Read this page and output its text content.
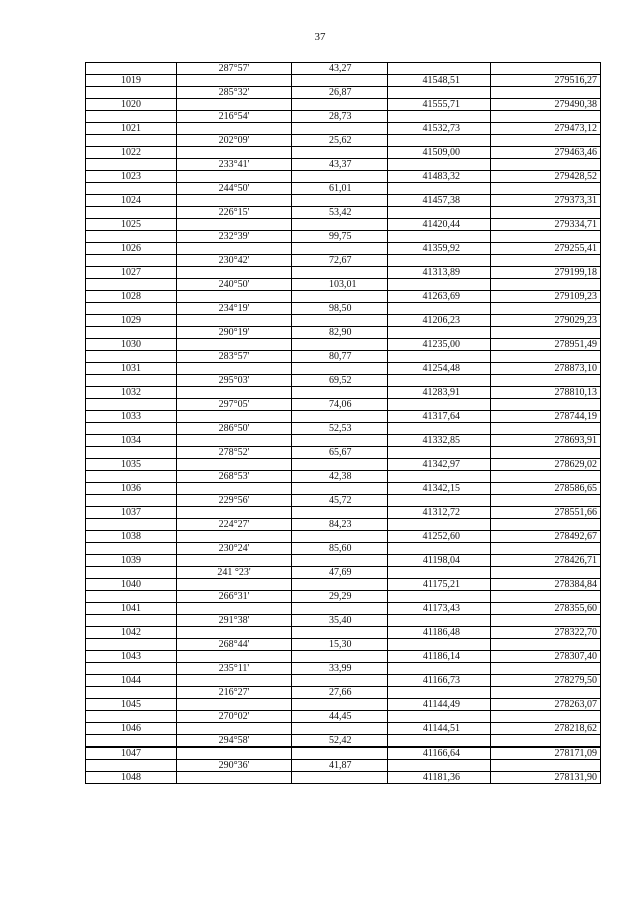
37
	287°57'	43,27		
1019			41548,51	279516,27
	285°32'	26,87		
1020			41555,71	279490,38
	216°54'	28,73		
1021			41532,73	279473,12
	202°09'	25,62		
1022			41509,00	279463,46
	233°41'	43,37		
1023			41483,32	279428,52
	244°50'	61,01		
1024			41457,38	279373,31
	226°15'	53,42		
1025			41420,44	279334,71
	232°39'	99,75		
1026			41359,92	279255,41
	230°42'	72,67		
1027			41313,89	279199,18
	240°50'	103,01		
1028			41263,69	279109,23
	234°19'	98,50		
1029			41206,23	279029,23
	290°19'	82,90		
1030			41235,00	278951,49
	283°57'	80,77		
1031			41254,48	278873,10
	295°03'	69,52		
1032			41283,91	278810,13
	297°05'	74,06		
1033			41317,64	278744,19
	286°50'	52,53		
1034			41332,85	278693,91
	278°52'	65,67		
1035			41342,97	278629,02
	268°53'	42,38		
1036			41342,15	278586,65
	229°56'	45,72		
1037			41312,72	278551,66
	224°27'	84,23		
1038			41252,60	278492,67
	230°24'	85,60		
1039			41198,04	278426,71
	241 °23'	47,69		
1040			41175,21	278384,84
	266°31'	29,29		
1041			41173,43	278355,60
	291°38'	35,40		
1042			41186,48	278322,70
	268°44'	15,30		
1043			41186,14	278307,40
	235°11'	33,99		
1044			41166,73	278279,50
	216°27'	27,66		
1045			41144,49	278263,07
	270°02'	44,45		
1046			41144,51	278218,62
	294°58'	52,42		
1047			41166,64	278171,09
	290°36'	41,87		
1048			41181,36	278131,90
